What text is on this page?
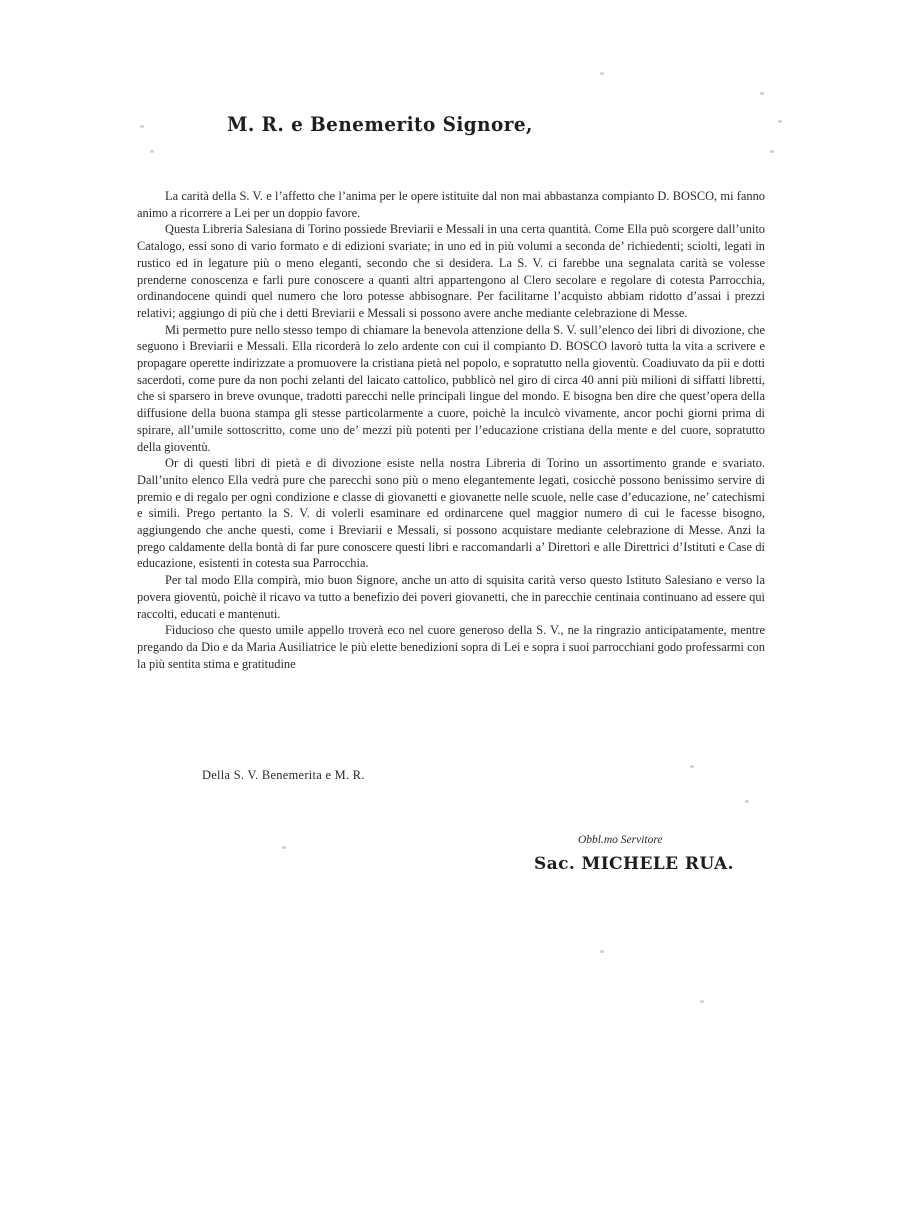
M. R. e Benemerito Signore,

La carità della S. V. e l’affetto che l’anima per le opere istituite dal non mai abbastanza compianto D. BOSCO, mi fanno animo a ricorrere a Lei per un doppio favore.

Questa Libreria Salesiana di Torino possiede Breviarii e Messali in una certa quantità. Come Ella può scorgere dall’unito Catalogo, essi sono di vario formato e di edizioni svariate; in uno ed in più volumi a seconda de’ richiedenti; sciolti, legati in rustico ed in legature più o meno eleganti, secondo che si desidera. La S. V. ci farebbe una segnalata carità se volesse prenderne conoscenza e farli pure conoscere a quanti altri appartengono al Clero secolare e regolare di cotesta Parrocchia, ordinandocene quindi quel numero che loro potesse abbisognare. Per facilitarne l’acquisto abbiam ridotto d’assai i prezzi relativi; aggiungo di più che i detti Breviarii e Messali si possono avere anche mediante celebrazione di Messe.

Mi permetto pure nello stesso tempo di chiamare la benevola attenzione della S. V. sull’elenco dei libri di divozione, che seguono i Breviarii e Messali. Ella ricorderà lo zelo ardente con cui il compianto D. BOSCO lavorò tutta la vita a scrivere e propagare operette indirizzate a promuovere la cristiana pietà nel popolo, e sopratutto nella gioventù. Coadiuvato da pii e dotti sacerdoti, come pure da non pochi zelanti del laicato cattolico, pubblicò nel giro di circa 40 anni più milioni di siffatti libretti, che si sparsero in breve ovunque, tradotti parecchi nelle principali lingue del mondo. E bisogna ben dire che quest’opera della diffusione della buona stampa gli stesse particolarmente a cuore, poichè la inculcò vivamente, ancor pochi giorni prima di spirare, all’umile sottoscritto, come uno de’ mezzi più potenti per l’educazione cristiana della mente e del cuore, sopratutto della gioventù.

Or di questi libri di pietà e di divozione esiste nella nostra Libreria di Torino un assortimento grande e svariato. Dall’unito elenco Ella vedrà pure che parecchi sono più o meno elegantemente legati, cosicchè possono benissimo servire di premio e di regalo per ogni condizione e classe di giovanetti e giovanette nelle scuole, nelle case d’educazione, ne’ catechismi e simili. Prego pertanto la S. V. di volerli esaminare ed ordinarcene quel maggior numero di cui le facesse bisogno, aggiungendo che anche questi, come i Breviarii e Messali, si possono acquistare mediante celebrazione di Messe. Anzi la prego caldamente della bontà di far pure conoscere questi libri e raccomandarli a’ Direttori e alle Direttrici d’Istituti e Case di educazione, esistenti in cotesta sua Parrocchia.

Per tal modo Ella compirà, mio buon Signore, anche un atto di squisita carità verso questo Istituto Salesiano e verso la povera gioventù, poichè il ricavo va tutto a benefizio dei poveri giovanetti, che in parecchie centinaia continuano ad essere qui raccolti, educati e mantenuti.

Fiducioso che questo umile appello troverà eco nel cuore generoso della S. V., ne la ringrazio anticipatamente, mentre pregando da Dio e da Maria Ausiliatrice le più elette benedizioni sopra di Lei e sopra i suoi parrocchiani godo professarmi con la più sentita stima e gratitudine

Della S. V. Benemerita e M. R.
Obbl.mo Servitore
Sac. MICHELE RUA.
